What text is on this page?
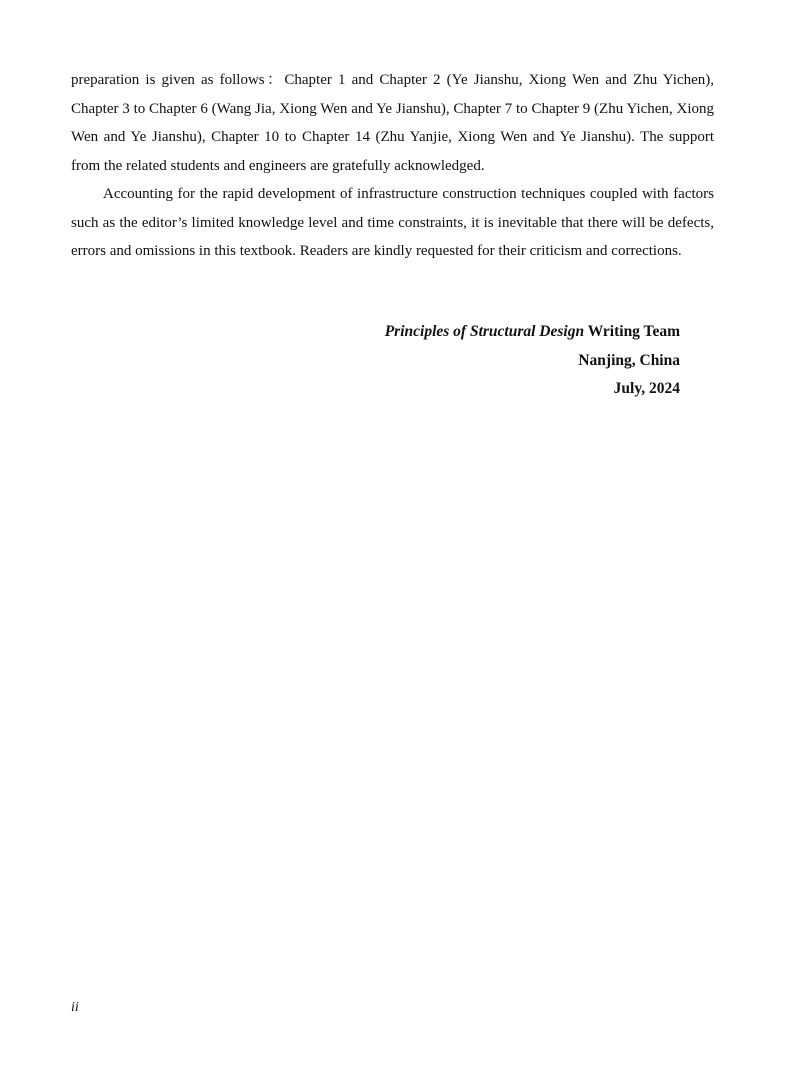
preparation is given as follows：Chapter 1 and Chapter 2 (Ye Jianshu, Xiong Wen and Zhu Yichen), Chapter 3 to Chapter 6 (Wang Jia, Xiong Wen and Ye Jianshu), Chapter 7 to Chapter 9 (Zhu Yichen, Xiong Wen and Ye Jianshu), Chapter 10 to Chapter 14 (Zhu Yanjie, Xiong Wen and Ye Jianshu). The support from the related students and engineers are gratefully acknowledged.

Accounting for the rapid development of infrastructure construction techniques coupled with factors such as the editor’s limited knowledge level and time constraints, it is inevitable that there will be defects, errors and omissions in this textbook. Readers are kindly requested for their criticism and corrections.

Principles of Structural Design Writing Team
Nanjing, China
July, 2024
ii
